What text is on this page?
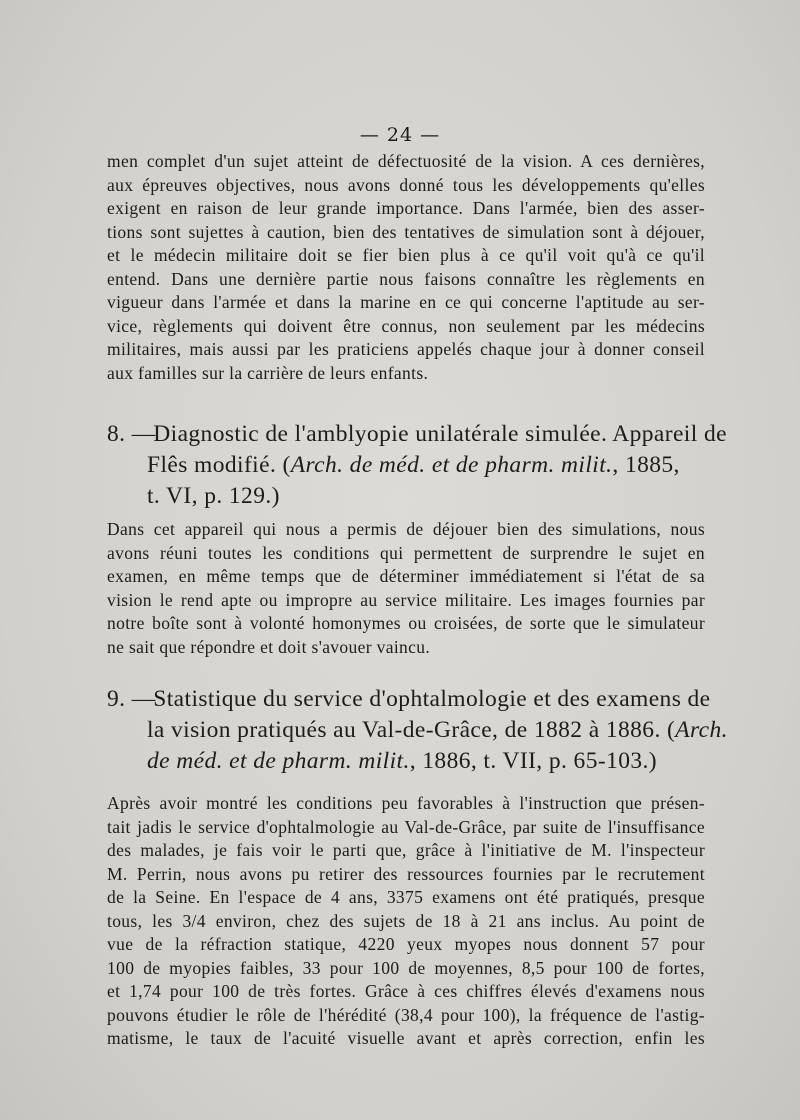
— 24 —
men complet d'un sujet atteint de défectuosité de la vision. A ces dernières,
aux épreuves objectives, nous avons donné tous les développements qu'elles
exigent en raison de leur grande importance. Dans l'armée, bien des asser-
tions sont sujettes à caution, bien des tentatives de simulation sont à déjouer,
et le médecin militaire doit se fier bien plus à ce qu'il voit qu'à ce qu'il
entend. Dans une dernière partie nous faisons connaître les règlements en
vigueur dans l'armée et dans la marine en ce qui concerne l'aptitude au ser-
vice, règlements qui doivent être connus, non seulement par les médecins
militaires, mais aussi par les praticiens appelés chaque jour à donner conseil
aux familles sur la carrière de leurs enfants.
8. — Diagnostic de l'amblyopie unilatérale simulée. Appareil de
Flês modifié. (Arch. de méd. et de pharm. milit., 1885,
t. VI, p. 129.)
Dans cet appareil qui nous a permis de déjouer bien des simulations, nous
avons réuni toutes les conditions qui permettent de surprendre le sujet en
examen, en même temps que de déterminer immédiatement si l'état de sa
vision le rend apte ou impropre au service militaire. Les images fournies par
notre boîte sont à volonté homonymes ou croisées, de sorte que le simulateur
ne sait que répondre et doit s'avouer vaincu.
9. — Statistique du service d'ophtalmologie et des examens de
la vision pratiqués au Val-de-Grâce, de 1882 à 1886. (Arch.
de méd. et de pharm. milit., 1886, t. VII, p. 65-103.)
Après avoir montré les conditions peu favorables à l'instruction que présen-
tait jadis le service d'ophtalmologie au Val-de-Grâce, par suite de l'insuffisance
des malades, je fais voir le parti que, grâce à l'initiative de M. l'inspecteur
M. Perrin, nous avons pu retirer des ressources fournies par le recrutement
de la Seine. En l'espace de 4 ans, 3375 examens ont été pratiqués, presque
tous, les 3/4 environ, chez des sujets de 18 à 21 ans inclus. Au point de
vue de la réfraction statique, 4220 yeux myopes nous donnent 57 pour
100 de myopies faibles, 33 pour 100 de moyennes, 8,5 pour 100 de fortes,
et 1,74 pour 100 de très fortes. Grâce à ces chiffres élevés d'examens nous
pouvons étudier le rôle de l'hérédité (38,4 pour 100), la fréquence de l'astig-
matisme, le taux de l'acuité visuelle avant et après correction, enfin les
